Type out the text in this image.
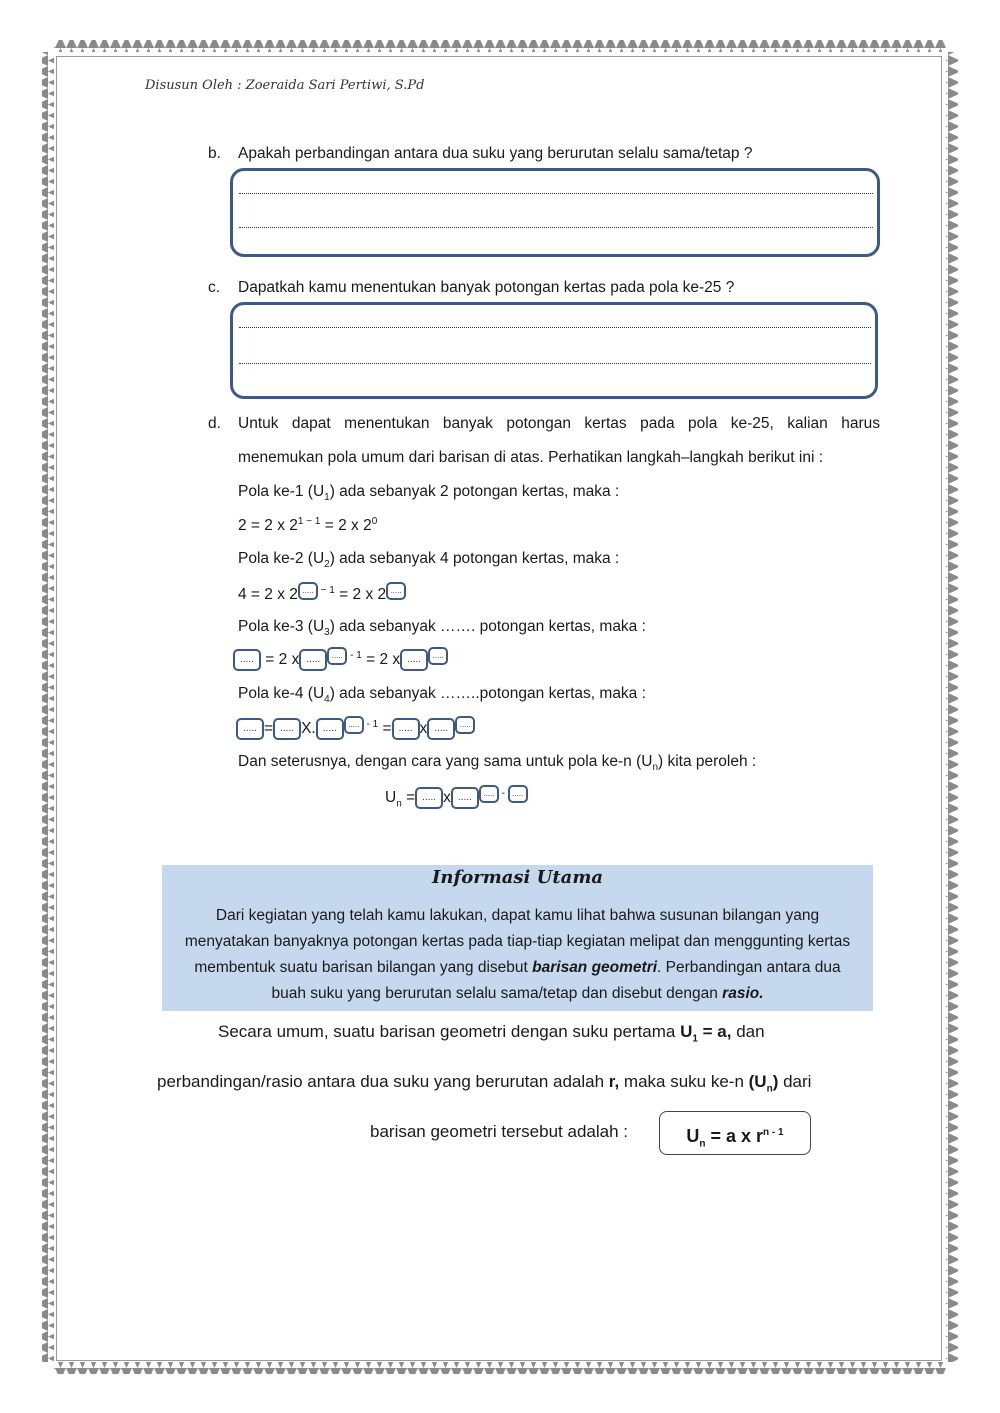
Disusun Oleh : Zoeraida Sari Pertiwi, S.Pd
b. Apakah perbandingan antara dua suku yang berurutan selalu sama/tetap ?
c. Dapatkah kamu menentukan banyak potongan kertas pada pola ke-25 ?
d. Untuk dapat menentukan banyak potongan kertas pada pola ke-25, kalian harus
menemukan pola umum dari barisan di atas. Perhatikan langkah–langkah berikut ini :
Pola ke-1 $(U_1)$ ada sebanyak 2 potongan kertas, maka :
2 = 2 x $2^{1 - 1} = 2$ x $2^0$
Pola ke-2 $(U_2)$ ada sebanyak 4 potongan kertas, maka :
4 = 2 x 2 ..... $^{- 1}$ = 2 x 2 .....
Pola ke-3 $(U_3)$ ada sebanyak ……. potongan kertas, maka :
..... = 2 x ..... ..... $^{- 1}$ = 2 x ..... .....
Pola ke-4 $(U_4)$ ada sebanyak ……..potongan kertas, maka :
..... = ..... X. ..... ..... $^{- 1}$ = ..... x ..... .....
Dan seterusnya, dengan cara yang sama untuk pola ke-n $(U_n)$ kita peroleh :
$U_n$ = ..... x ..... ..... - .....
Informasi Utama
Dari kegiatan yang telah kamu lakukan, dapat kamu lihat bahwa susunan bilangan yang menyatakan banyaknya potongan kertas pada tiap-tiap kegiatan melipat dan menggunting kertas membentuk suatu barisan bilangan yang disebut barisan geometri. Perbandingan antara dua buah suku yang berurutan selalu sama/tetap dan disebut dengan rasio.
Secara umum, suatu barisan geometri dengan suku pertama $U_1 = a$, dan
perbandingan/rasio antara dua suku yang berurutan adalah r, maka suku ke-n $(U_n)$ dari
barisan geometri tersebut adalah :	$U_n = a$ x $r^{n - 1}$
